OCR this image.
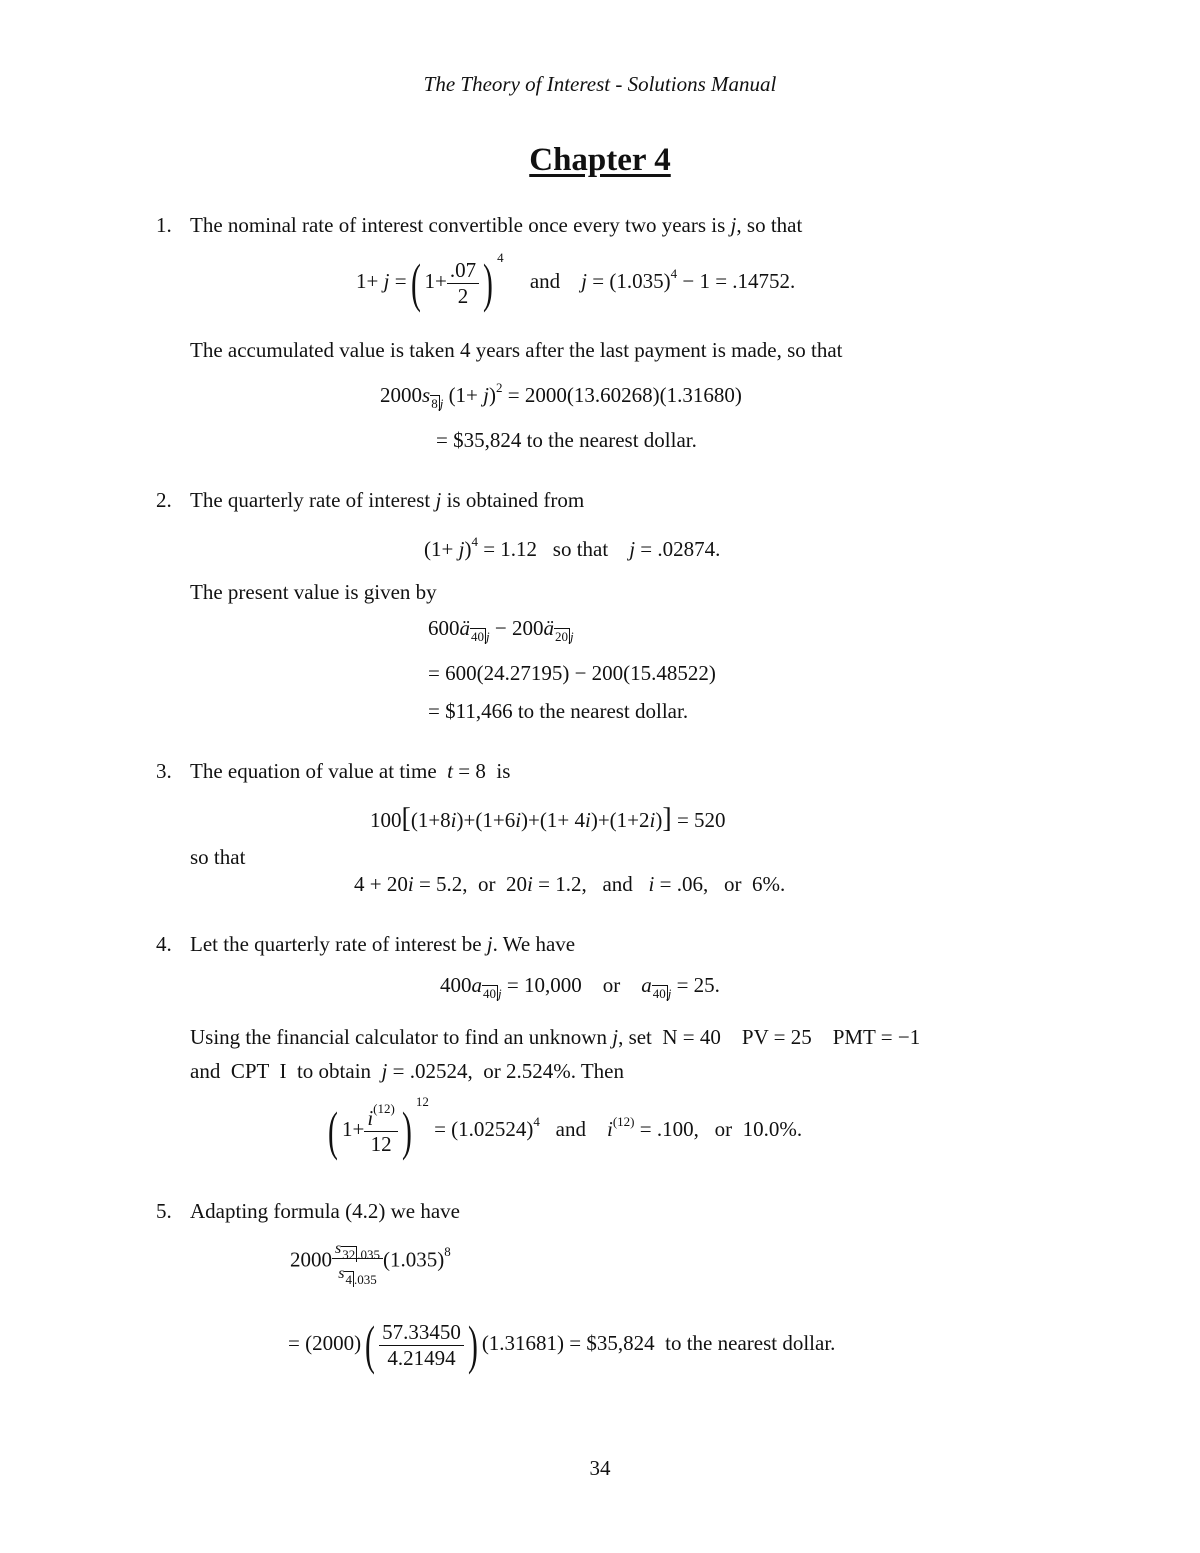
The Theory of Interest - Solutions Manual
Chapter 4
1. The nominal rate of interest convertible once every two years is j, so that
1+ j =( $1+ \frac{.07}{2}$ ) $^4$     and    $j = (1.035)^4 - 1 = .14752$.
The accumulated value is taken 4 years after the last payment is made, so that
$2000s_{8 j}$ $(1+ j)^2 = 2000(13.60268)(1.31680)$
= $35,824 to the nearest dollar.
2. The quarterly rate of interest j is obtained from
$(1+ j)^4 = 1.12$   so that    j = .02874.
The present value is given by
$600ä_{40 j}$ − $200ä_{20 j}$
= 600(24.27195) − 200(15.48522)
= $11,466 to the nearest dollar.
3. The equation of value at time  t = 8  is
100[(1+8i)+(1+6i)+(1+ 4i)+(1+2i)] = 520
so that
4 + 20i = 5.2,  or  20i = 1.2,   and   i = .06,   or  6%.
4. Let the quarterly rate of interest be j. We have
$400a_{40 j} = 10,000$    or    $a_{40 j} = 25$.
Using the financial calculator to find an unknown j, set  N = 40    PV = 25    PMT = −1
and  CPT  I  to obtain  j = .02524,  or 2.524%. Then
( $1+ \frac{i^{(12)}}{12}$ ) $^{12} = (1.02524)^4$   and    $i^{(12)} = .100$,   or  10.0%.
5. Adapting formula (4.2) we have
$2000 \frac{s_{32 .035}}{s_{4 .035}} (1.035)^8$
= $(2000)( \frac{57.33450}{4.21494}$ ) (1.31681) = $35,824  to the nearest dollar.
34
